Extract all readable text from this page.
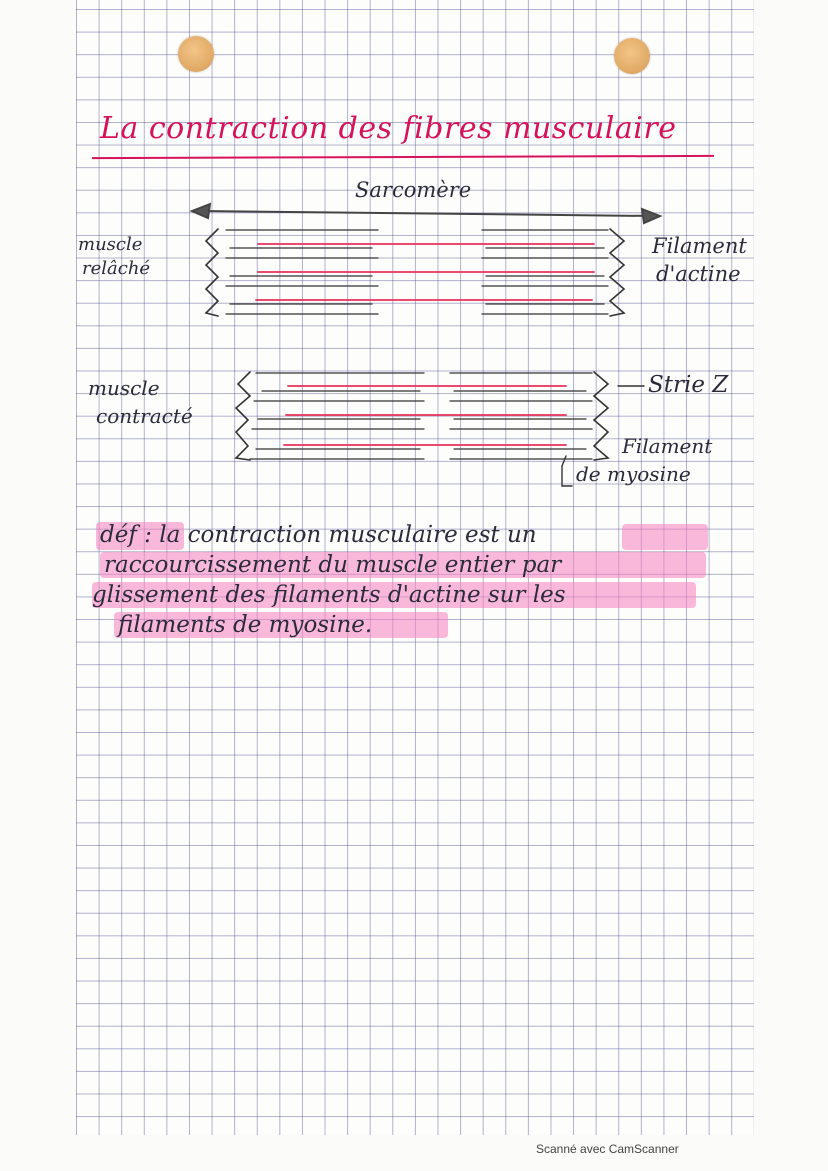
La contraction des fibres musculaire
Sarcomère
muscle
relâché
Filament
d'actine
muscle
contracté
Strie Z
Filament
de myosine
déf : la contraction musculaire est un
raccourcissement du muscle entier par
glissement des filaments d'actine sur les
filaments de myosine.
Scanné avec CamScanner
